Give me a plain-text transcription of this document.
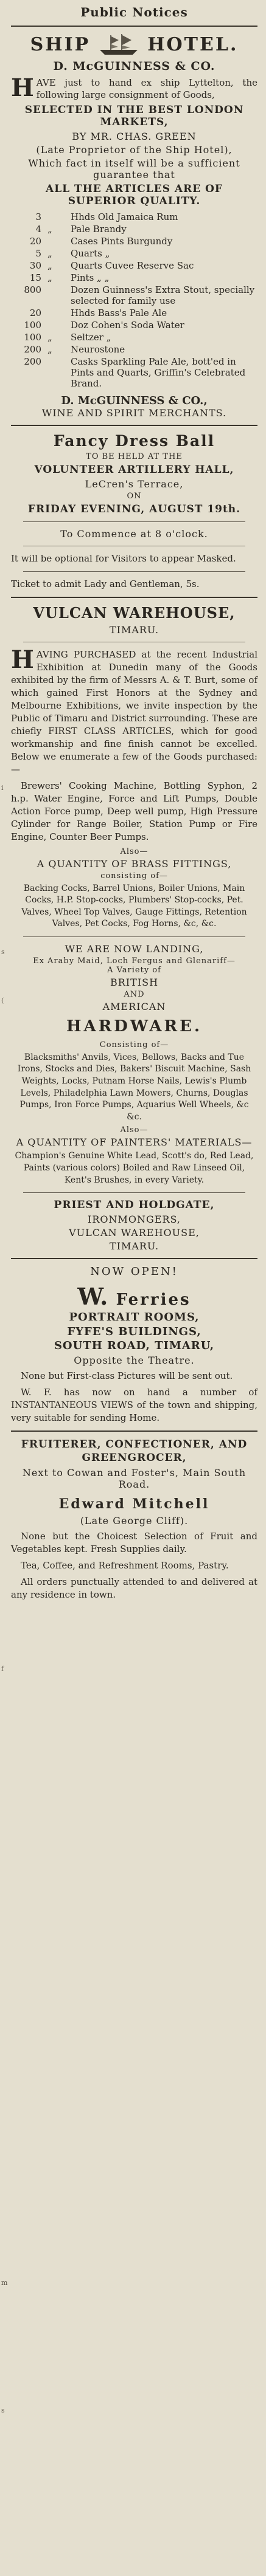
i
s
(
f
m
s
Public Notices
SHIP	HOTEL.
D. McGUINNESS & CO.
H AVE just to hand ex ship Lyttelton, the following large consignment of Goods,
SELECTED IN THE BEST LONDON MARKETS,
BY MR. CHAS. GREEN
(Late Proprietor of the Ship Hotel),
Which fact in itself will be a sufficient guarantee that
ALL THE ARTICLES ARE OF SUPERIOR QUALITY.
3		Hhds Old Jamaica Rum
4	„	Pale Brandy
20		Cases Pints Burgundy
5	„	Quarts „
30	„	Quarts Cuvee Reserve Sac
15	„	Pints „ „
800		Dozen Guinness's Extra Stout, specially selected for family use
20		Hhds Bass's Pale Ale
100		Doz Cohen's Soda Water
100	„	Seltzer „
200	„	Neurostone
200		Casks Sparkling Pale Ale, bott'ed in Pints and Quarts, Griffin's Celebrated Brand.
D. McGUINNESS & CO.,
WINE AND SPIRIT MERCHANTS.
Fancy Dress Ball
TO BE HELD AT THE
VOLUNTEER ARTILLERY HALL,
LeCren's Terrace,
ON
FRIDAY EVENING, AUGUST 19th.
To Commence at 8 o'clock.
It will be optional for Visitors to appear Masked.
Ticket to admit Lady and Gentleman, 5s.
VULCAN WAREHOUSE,
TIMARU.
H AVING PURCHASED at the recent Industrial Exhibition at Dunedin many of the Goods exhibited by the firm of Messrs A. & T. Burt, some of which gained First Honors at the Sydney and Melbourne Exhibitions, we invite inspection by the Public of Timaru and District surrounding. These are chiefly FIRST CLASS ARTICLES, which for good workmanship and fine finish cannot be excelled. Below we enumerate a few of the Goods purchased:—
Brewers' Cooking Machine, Bottling Syphon, 2 h.p. Water Engine, Force and Lift Pumps, Double Action Force pump, Deep well pump, High Pressure Cylinder for Range Boiler, Station Pump or Fire Engine, Counter Beer Pumps.
Also—
A QUANTITY OF BRASS FITTINGS,
consisting of—
Backing Cocks, Barrel Unions, Boiler Unions, Main Cocks, H.P. Stop-cocks, Plumbers' Stop-cocks, Pet. Valves, Wheel Top Valves, Gauge Fittings, Retention Valves, Pet Cocks, Fog Horns, &c, &c.
WE ARE NOW LANDING,
Ex Araby Maid, Loch Fergus and Glenariff—
A Variety of
BRITISH
AND
AMERICAN
HARDWARE.
Consisting of—
Blacksmiths' Anvils, Vices, Bellows, Backs and Tue Irons, Stocks and Dies, Bakers' Biscuit Machine, Sash Weights, Locks, Putnam Horse Nails, Lewis's Plumb Levels, Philadelphia Lawn Mowers, Churns, Douglas Pumps, Iron Force Pumps, Aquarius Well Wheels, &c &c.
Also—
A QUANTITY OF PAINTERS' MATERIALS—
Champion's Genuine White Lead, Scott's do, Red Lead, Paints (various colors) Boiled and Raw Linseed Oil, Kent's Brushes, in every Variety.
PRIEST AND HOLDGATE,
IRONMONGERS,
VULCAN WAREHOUSE,
TIMARU.
NOW OPEN!
W. Ferries
PORTRAIT ROOMS,
FYFE'S BUILDINGS,
SOUTH ROAD, TIMARU,
Opposite the Theatre.
None but First-class Pictures will be sent out.
W. F. has now on hand a number of INSTANTANEOUS VIEWS of the town and shipping, very suitable for sending Home.
FRUITERER, CONFECTIONER, AND GREENGROCER,
Next to Cowan and Foster's, Main South Road.
Edward Mitchell
(Late George Cliff).
None but the Choicest Selection of Fruit and Vegetables kept. Fresh Supplies daily.
Tea, Coffee, and Refreshment Rooms, Pastry.
All orders punctually attended to and delivered at any residence in town.
